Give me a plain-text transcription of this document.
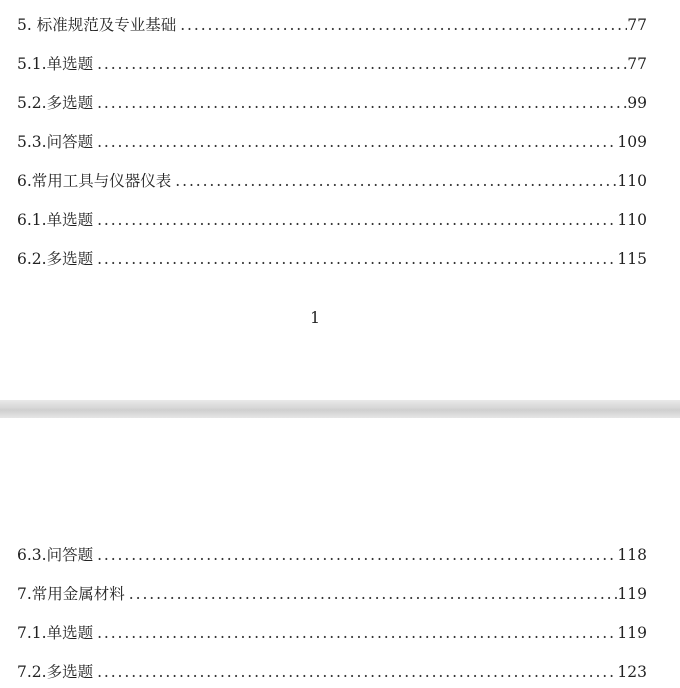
5. 标准规范及专业基础 .....	77
5.1.单选题 .....	77
5.2.多选题 .....	99
5.3.问答题 .....	109
6.常用工具与仪器仪表 .....	110
6.1.单选题 .....	110
6.2.多选题 .....	115
1
6.3.问答题 .....	118
7.常用金属材料 .....	119
7.1.单选题 .....	119
7.2.多选题 .....	123
